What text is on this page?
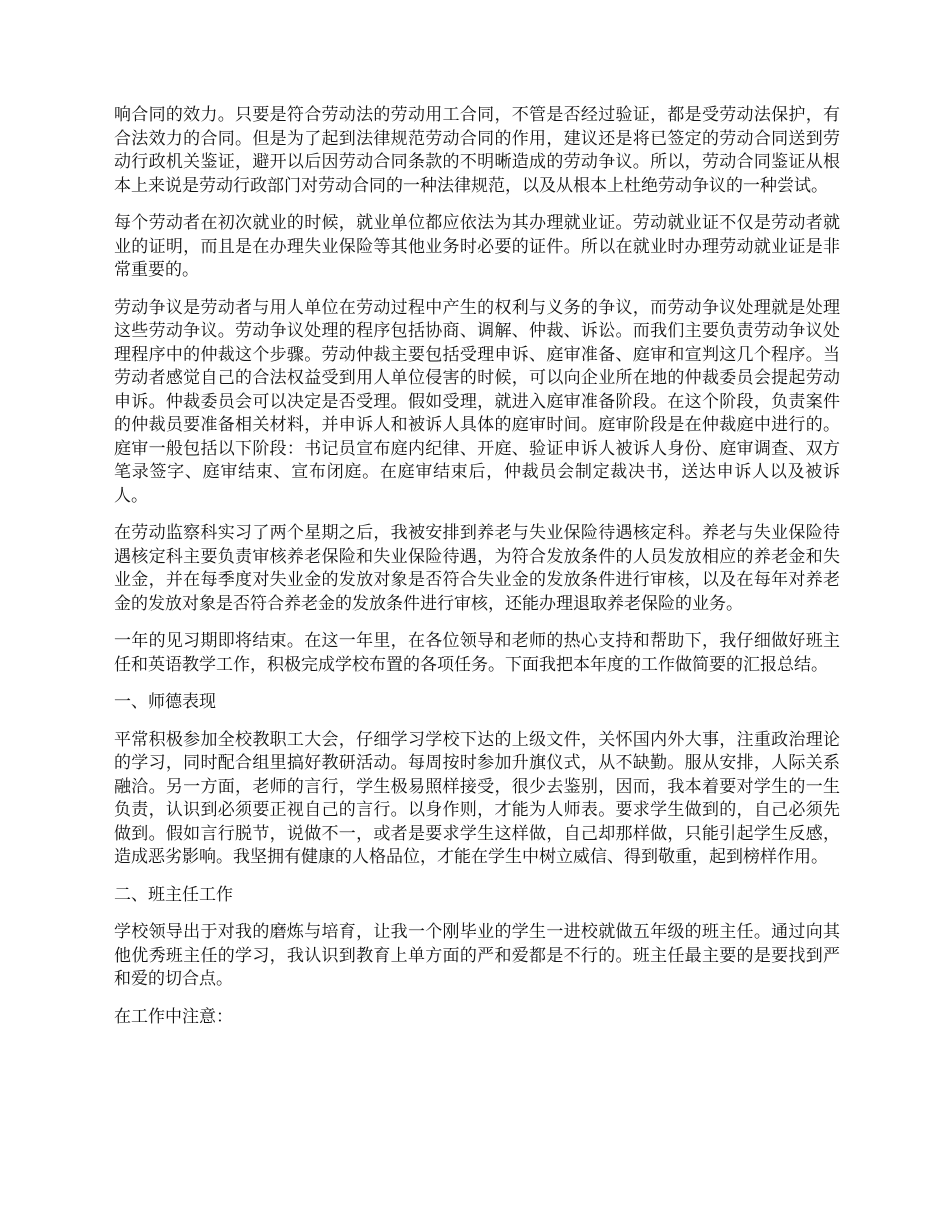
响合同的效力。只要是符合劳动法的劳动用工合同，不管是否经过验证，都是受劳动法保护，有合法效力的合同。但是为了起到法律规范劳动合同的作用，建议还是将已签定的劳动合同送到劳动行政机关鉴证，避开以后因劳动合同条款的不明晰造成的劳动争议。所以，劳动合同鉴证从根本上来说是劳动行政部门对劳动合同的一种法律规范，以及从根本上杜绝劳动争议的一种尝试。

每个劳动者在初次就业的时候，就业单位都应依法为其办理就业证。劳动就业证不仅是劳动者就业的证明，而且是在办理失业保险等其他业务时必要的证件。所以在就业时办理劳动就业证是非常重要的。

劳动争议是劳动者与用人单位在劳动过程中产生的权利与义务的争议，而劳动争议处理就是处理这些劳动争议。劳动争议处理的程序包括协商、调解、仲裁、诉讼。而我们主要负责劳动争议处理程序中的仲裁这个步骤。劳动仲裁主要包括受理申诉、庭审准备、庭审和宣判这几个程序。当劳动者感觉自己的合法权益受到用人单位侵害的时候，可以向企业所在地的仲裁委员会提起劳动申诉。仲裁委员会可以决定是否受理。假如受理，就进入庭审准备阶段。在这个阶段，负责案件的仲裁员要准备相关材料，并申诉人和被诉人具体的庭审时间。庭审阶段是在仲裁庭中进行的。庭审一般包括以下阶段：书记员宣布庭内纪律、开庭、验证申诉人被诉人身份、庭审调查、双方笔录签字、庭审结束、宣布闭庭。在庭审结束后，仲裁员会制定裁决书，送达申诉人以及被诉人。

在劳动监察科实习了两个星期之后，我被安排到养老与失业保险待遇核定科。养老与失业保险待遇核定科主要负责审核养老保险和失业保险待遇，为符合发放条件的人员发放相应的养老金和失业金，并在每季度对失业金的发放对象是否符合失业金的发放条件进行审核，以及在每年对养老金的发放对象是否符合养老金的发放条件进行审核，还能办理退取养老保险的业务。

一年的见习期即将结束。在这一年里，在各位领导和老师的热心支持和帮助下，我仔细做好班主任和英语教学工作，积极完成学校布置的各项任务。下面我把本年度的工作做简要的汇报总结。

一、师德表现

平常积极参加全校教职工大会，仔细学习学校下达的上级文件，关怀国内外大事，注重政治理论的学习，同时配合组里搞好教研活动。每周按时参加升旗仪式，从不缺勤。服从安排，人际关系融洽。另一方面，老师的言行，学生极易照样接受，很少去鉴别，因而，我本着要对学生的一生负责，认识到必须要正视自己的言行。以身作则，才能为人师表。要求学生做到的，自己必须先做到。假如言行脱节，说做不一，或者是要求学生这样做，自己却那样做，只能引起学生反感，造成恶劣影响。我坚拥有健康的人格品位，才能在学生中树立威信、得到敬重，起到榜样作用。

二、班主任工作

学校领导出于对我的磨炼与培育，让我一个刚毕业的学生一进校就做五年级的班主任。通过向其他优秀班主任的学习，我认识到教育上单方面的严和爱都是不行的。班主任最主要的是要找到严和爱的切合点。

在工作中注意：
